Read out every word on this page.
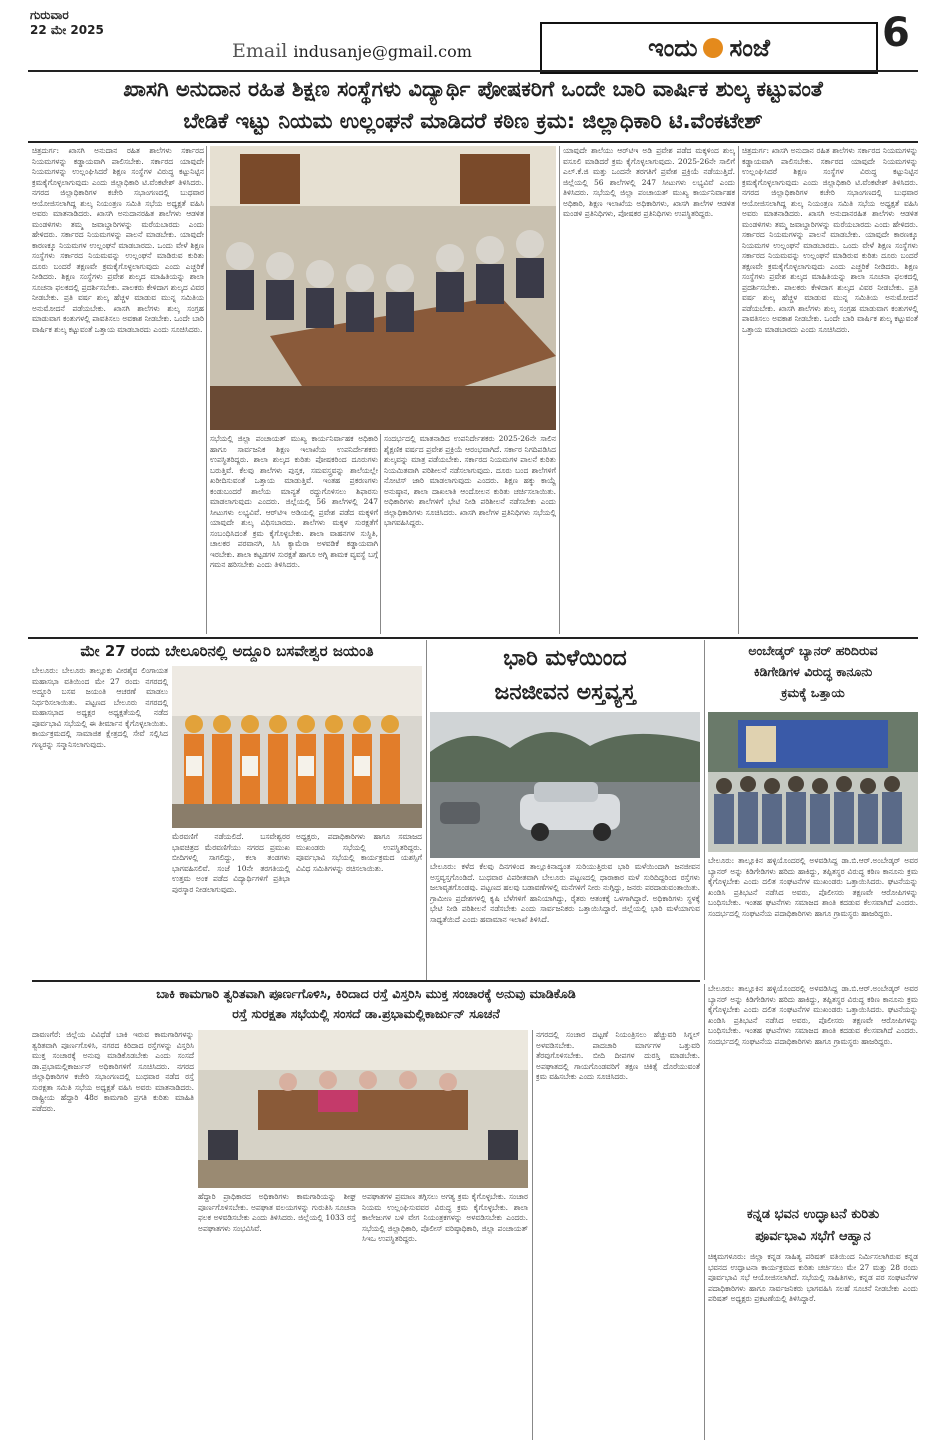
ಗುರುವಾರ
22 ಮೇ 2025
Email indusanje@gmail.com	ಇಂದು ಸಂಜೆ	6
ಖಾಸಗಿ ಅನುದಾನ ರಹಿತ ಶಿಕ್ಷಣ ಸಂಸ್ಥೆಗಳು ವಿದ್ಯಾರ್ಥಿ ಪೋಷಕರಿಗೆ ಒಂದೇ ಬಾರಿ ವಾರ್ಷಿಕ ಶುಲ್ಕ ಕಟ್ಟುವಂತೆ
ಬೇಡಿಕೆ ಇಟ್ಟು ನಿಯಮ ಉಲ್ಲಂಘನೆ ಮಾಡಿದರೆ ಕಠಿಣ ಕ್ರಮ: ಜಿಲ್ಲಾಧಿಕಾರಿ ಟಿ.ವೆಂಕಟೇಶ್
ಚಿತ್ರದುರ್ಗ: ಖಾಸಗಿ ಅನುದಾನ ರಹಿತ ಶಾಲೆಗಳು ಸರ್ಕಾರದ ನಿಯಮಗಳನ್ನು ಕಡ್ಡಾಯವಾಗಿ ಪಾಲಿಸಬೇಕು. ಸರ್ಕಾರದ ಯಾವುದೇ ನಿಯಮಗಳನ್ನು ಉಲ್ಲಂಘಿಸಿದರೆ ಶಿಕ್ಷಣ ಸಂಸ್ಥೆಗಳ ವಿರುದ್ಧ ಕಟ್ಟುನಿಟ್ಟಿನ ಕ್ರಮಕೈಗೊಳ್ಳಲಾಗುವುದು ಎಂದು ಜಿಲ್ಲಾಧಿಕಾರಿ ಟಿ.ವೆಂಕಟೇಶ್ ತಿಳಿಸಿದರು. ನಗರದ ಜಿಲ್ಲಾಧಿಕಾರಿಗಳ ಕಚೇರಿ ಸಭಾಂಗಣದಲ್ಲಿ ಬುಧವಾರ ಆಯೋಜಿಸಲಾಗಿದ್ದ ಶುಲ್ಕ ನಿಯಂತ್ರಣ ಸಮಿತಿ ಸಭೆಯ ಅಧ್ಯಕ್ಷತೆ ವಹಿಸಿ ಅವರು ಮಾತನಾಡಿದರು. ಖಾಸಗಿ ಅನುದಾನರಹಿತ ಶಾಲೆಗಳು ಆಡಳಿತ ಮಂಡಳಿಗಳು ತಮ್ಮ ಜವಾಬ್ದಾರಿಗಳನ್ನು ಮರೆಯಬಾರದು ಎಂದು ಹೇಳಿದರು. ಸರ್ಕಾರದ ನಿಯಮಗಳನ್ನು ಪಾಲನೆ ಮಾಡಬೇಕು. ಯಾವುದೇ ಕಾರಣಕ್ಕೂ ನಿಯಮಗಳ ಉಲ್ಲಂಘನೆ ಮಾಡಬಾರದು. ಒಂದು ವೇಳೆ ಶಿಕ್ಷಣ ಸಂಸ್ಥೆಗಳು ಸರ್ಕಾರದ ನಿಯಮವನ್ನು ಉಲ್ಲಂಘನೆ ಮಾಡಿರುವ ಕುರಿತು ದೂರು ಬಂದರೆ ತಕ್ಷಣವೇ ಕ್ರಮಕೈಗೊಳ್ಳಲಾಗುವುದು ಎಂದು ಎಚ್ಚರಿಕೆ ನೀಡಿದರು. ಶಿಕ್ಷಣ ಸಂಸ್ಥೆಗಳು ಪ್ರವೇಶ ಶುಲ್ಕದ ಮಾಹಿತಿಯನ್ನು ಶಾಲಾ ಸೂಚನಾ ಫಲಕದಲ್ಲಿ ಪ್ರದರ್ಶಿಸಬೇಕು. ಪಾಲಕರು ಕೇಳಿದಾಗ ಶುಲ್ಕದ ವಿವರ ನೀಡಬೇಕು. ಪ್ರತಿ ವರ್ಷ ಶುಲ್ಕ ಹೆಚ್ಚಳ ಮಾಡುವ ಮುನ್ನ ಸಮಿತಿಯ ಅನುಮೋದನೆ ಪಡೆಯಬೇಕು. ಖಾಸಗಿ ಶಾಲೆಗಳು ಶುಲ್ಕ ಸಂಗ್ರಹ ಮಾಡುವಾಗ ಕಂತುಗಳಲ್ಲಿ ಪಾವತಿಸಲು ಅವಕಾಶ ನೀಡಬೇಕು. ಒಂದೇ ಬಾರಿ ವಾರ್ಷಿಕ ಶುಲ್ಕ ಕಟ್ಟುವಂತೆ ಒತ್ತಾಯ ಮಾಡಬಾರದು ಎಂದು ಸೂಚಿಸಿದರು.
ಸಭೆಯಲ್ಲಿ ಜಿಲ್ಲಾ ಪಂಚಾಯತ್ ಮುಖ್ಯ ಕಾರ್ಯನಿರ್ವಾಹಕ ಅಧಿಕಾರಿ ಹಾಗೂ ಸಾರ್ವಜನಿಕ ಶಿಕ್ಷಣ ಇಲಾಖೆಯ ಉಪನಿರ್ದೇಶಕರು ಉಪಸ್ಥಿತರಿದ್ದರು. ಶಾಲಾ ಶುಲ್ಕದ ಕುರಿತು ಪೋಷಕರಿಂದ ದೂರುಗಳು ಬರುತ್ತಿವೆ. ಕೆಲವು ಶಾಲೆಗಳು ಪುಸ್ತಕ, ಸಮವಸ್ತ್ರವನ್ನು ಶಾಲೆಯಲ್ಲೇ ಖರೀದಿಸುವಂತೆ ಒತ್ತಾಯ ಮಾಡುತ್ತಿವೆ. ಇಂತಹ ಪ್ರಕರಣಗಳು ಕಂಡುಬಂದರೆ ಶಾಲೆಯ ಮಾನ್ಯತೆ ರದ್ದುಗೊಳಿಸಲು ಶಿಫಾರಸು ಮಾಡಲಾಗುವುದು ಎಂದರು. ಜಿಲ್ಲೆಯಲ್ಲಿ 56 ಶಾಲೆಗಳಲ್ಲಿ 247 ಸೀಟುಗಳು ಲಭ್ಯವಿವೆ. ಆರ್‌ಟಿಇ ಅಡಿಯಲ್ಲಿ ಪ್ರವೇಶ ಪಡೆದ ಮಕ್ಕಳಿಗೆ ಯಾವುದೇ ಶುಲ್ಕ ವಿಧಿಸಬಾರದು. ಶಾಲೆಗಳು ಮಕ್ಕಳ ಸುರಕ್ಷತೆಗೆ ಸಂಬಂಧಿಸಿದಂತೆ ಕ್ರಮ ಕೈಗೊಳ್ಳಬೇಕು. ಶಾಲಾ ವಾಹನಗಳ ಸುಸ್ಥಿತಿ, ಚಾಲಕರ ಪರವಾನಗಿ, ಸಿಸಿ ಕ್ಯಾಮೆರಾ ಅಳವಡಿಕೆ ಕಡ್ಡಾಯವಾಗಿ ಇರಬೇಕು. ಶಾಲಾ ಕಟ್ಟಡಗಳ ಸುರಕ್ಷತೆ ಹಾಗೂ ಅಗ್ನಿ ಶಾಮಕ ವ್ಯವಸ್ಥೆ ಬಗ್ಗೆ ಗಮನ ಹರಿಸಬೇಕು ಎಂದು ತಿಳಿಸಿದರು.
ಸಂದರ್ಭದಲ್ಲಿ ಮಾತನಾಡಿದ ಉಪನಿರ್ದೇಶಕರು 2025-26ನೇ ಸಾಲಿನ ಶೈಕ್ಷಣಿಕ ವರ್ಷದ ಪ್ರವೇಶ ಪ್ರಕ್ರಿಯೆ ಆರಂಭವಾಗಿದೆ. ಸರ್ಕಾರ ನಿಗದಿಪಡಿಸಿದ ಶುಲ್ಕವನ್ನು ಮಾತ್ರ ಪಡೆಯಬೇಕು. ಸರ್ಕಾರದ ನಿಯಮಗಳ ಪಾಲನೆ ಕುರಿತು ನಿಯಮಿತವಾಗಿ ಪರಿಶೀಲನೆ ನಡೆಸಲಾಗುವುದು. ದೂರು ಬಂದ ಶಾಲೆಗಳಿಗೆ ನೋಟಿಸ್ ಜಾರಿ ಮಾಡಲಾಗುವುದು ಎಂದರು. ಶಿಕ್ಷಣ ಹಕ್ಕು ಕಾಯ್ದೆ ಅನುಷ್ಠಾನ, ಶಾಲಾ ದಾಖಲಾತಿ ಆಂದೋಲನ ಕುರಿತು ಚರ್ಚಿಸಲಾಯಿತು. ಅಧಿಕಾರಿಗಳು ಶಾಲೆಗಳಿಗೆ ಭೇಟಿ ನೀಡಿ ಪರಿಶೀಲನೆ ನಡೆಸಬೇಕು ಎಂದು ಜಿಲ್ಲಾಧಿಕಾರಿಗಳು ಸೂಚಿಸಿದರು. ಖಾಸಗಿ ಶಾಲೆಗಳ ಪ್ರತಿನಿಧಿಗಳು ಸಭೆಯಲ್ಲಿ ಭಾಗವಹಿಸಿದ್ದರು.
ಯಾವುದೇ ಶಾಲೆಯು ಆರ್‌ಟಿಇ ಅಡಿ ಪ್ರವೇಶ ಪಡೆದ ಮಕ್ಕಳಿಂದ ಶುಲ್ಕ ವಸೂಲಿ ಮಾಡಿದರೆ ಕ್ರಮ ಕೈಗೊಳ್ಳಲಾಗುವುದು. 2025-26ನೇ ಸಾಲಿಗೆ ಎಲ್‌.ಕೆ.ಜಿ ಮತ್ತು ಒಂದನೇ ತರಗತಿಗೆ ಪ್ರವೇಶ ಪ್ರಕ್ರಿಯೆ ನಡೆಯುತ್ತಿದೆ. ಜಿಲ್ಲೆಯಲ್ಲಿ 56 ಶಾಲೆಗಳಲ್ಲಿ 247 ಸೀಟುಗಳು ಲಭ್ಯವಿವೆ ಎಂದು ತಿಳಿಸಿದರು. ಸಭೆಯಲ್ಲಿ ಜಿಲ್ಲಾ ಪಂಚಾಯತ್ ಮುಖ್ಯ ಕಾರ್ಯನಿರ್ವಾಹಕ ಅಧಿಕಾರಿ, ಶಿಕ್ಷಣ ಇಲಾಖೆಯ ಅಧಿಕಾರಿಗಳು, ಖಾಸಗಿ ಶಾಲೆಗಳ ಆಡಳಿತ ಮಂಡಳಿ ಪ್ರತಿನಿಧಿಗಳು, ಪೋಷಕರ ಪ್ರತಿನಿಧಿಗಳು ಉಪಸ್ಥಿತರಿದ್ದರು.
ಚಿತ್ರದುರ್ಗ: ಖಾಸಗಿ ಅನುದಾನ ರಹಿತ ಶಾಲೆಗಳು ಸರ್ಕಾರದ ನಿಯಮಗಳನ್ನು ಕಡ್ಡಾಯವಾಗಿ ಪಾಲಿಸಬೇಕು. ಸರ್ಕಾರದ ಯಾವುದೇ ನಿಯಮಗಳನ್ನು ಉಲ್ಲಂಘಿಸಿದರೆ ಶಿಕ್ಷಣ ಸಂಸ್ಥೆಗಳ ವಿರುದ್ಧ ಕಟ್ಟುನಿಟ್ಟಿನ ಕ್ರಮಕೈಗೊಳ್ಳಲಾಗುವುದು ಎಂದು ಜಿಲ್ಲಾಧಿಕಾರಿ ಟಿ.ವೆಂಕಟೇಶ್ ತಿಳಿಸಿದರು. ನಗರದ ಜಿಲ್ಲಾಧಿಕಾರಿಗಳ ಕಚೇರಿ ಸಭಾಂಗಣದಲ್ಲಿ ಬುಧವಾರ ಆಯೋಜಿಸಲಾಗಿದ್ದ ಶುಲ್ಕ ನಿಯಂತ್ರಣ ಸಮಿತಿ ಸಭೆಯ ಅಧ್ಯಕ್ಷತೆ ವಹಿಸಿ ಅವರು ಮಾತನಾಡಿದರು. ಖಾಸಗಿ ಅನುದಾನರಹಿತ ಶಾಲೆಗಳು ಆಡಳಿತ ಮಂಡಳಿಗಳು ತಮ್ಮ ಜವಾಬ್ದಾರಿಗಳನ್ನು ಮರೆಯಬಾರದು ಎಂದು ಹೇಳಿದರು. ಸರ್ಕಾರದ ನಿಯಮಗಳನ್ನು ಪಾಲನೆ ಮಾಡಬೇಕು. ಯಾವುದೇ ಕಾರಣಕ್ಕೂ ನಿಯಮಗಳ ಉಲ್ಲಂಘನೆ ಮಾಡಬಾರದು. ಒಂದು ವೇಳೆ ಶಿಕ್ಷಣ ಸಂಸ್ಥೆಗಳು ಸರ್ಕಾರದ ನಿಯಮವನ್ನು ಉಲ್ಲಂಘನೆ ಮಾಡಿರುವ ಕುರಿತು ದೂರು ಬಂದರೆ ತಕ್ಷಣವೇ ಕ್ರಮಕೈಗೊಳ್ಳಲಾಗುವುದು ಎಂದು ಎಚ್ಚರಿಕೆ ನೀಡಿದರು. ಶಿಕ್ಷಣ ಸಂಸ್ಥೆಗಳು ಪ್ರವೇಶ ಶುಲ್ಕದ ಮಾಹಿತಿಯನ್ನು ಶಾಲಾ ಸೂಚನಾ ಫಲಕದಲ್ಲಿ ಪ್ರದರ್ಶಿಸಬೇಕು. ಪಾಲಕರು ಕೇಳಿದಾಗ ಶುಲ್ಕದ ವಿವರ ನೀಡಬೇಕು. ಪ್ರತಿ ವರ್ಷ ಶುಲ್ಕ ಹೆಚ್ಚಳ ಮಾಡುವ ಮುನ್ನ ಸಮಿತಿಯ ಅನುಮೋದನೆ ಪಡೆಯಬೇಕು. ಖಾಸಗಿ ಶಾಲೆಗಳು ಶುಲ್ಕ ಸಂಗ್ರಹ ಮಾಡುವಾಗ ಕಂತುಗಳಲ್ಲಿ ಪಾವತಿಸಲು ಅವಕಾಶ ನೀಡಬೇಕು. ಒಂದೇ ಬಾರಿ ವಾರ್ಷಿಕ ಶುಲ್ಕ ಕಟ್ಟುವಂತೆ ಒತ್ತಾಯ ಮಾಡಬಾರದು ಎಂದು ಸೂಚಿಸಿದರು.
ಮೇ 27 ರಂದು ಬೇಲೂರಿನಲ್ಲಿ ಅದ್ದೂರಿ ಬಸವೇಶ್ವರ ಜಯಂತಿ
ಬೇಲೂರು: ಬೇಲೂರು ತಾಲ್ಲೂಕು ವೀರಶೈವ ಲಿಂಗಾಯತ ಮಹಾಸಭಾ ವತಿಯಿಂದ ಮೇ 27 ರಂದು ನಗರದಲ್ಲಿ ಅದ್ದೂರಿ ಬಸವ ಜಯಂತಿ ಆಚರಣೆ ಮಾಡಲು ನಿರ್ಧರಿಸಲಾಯಿತು. ಪಟ್ಟಣದ ಬೇಲೂರು ನಗರದಲ್ಲಿ ಮಹಾಸಭಾದ ಅಧ್ಯಕ್ಷರ ಅಧ್ಯಕ್ಷತೆಯಲ್ಲಿ ನಡೆದ ಪೂರ್ವಭಾವಿ ಸಭೆಯಲ್ಲಿ ಈ ತೀರ್ಮಾನ ಕೈಗೊಳ್ಳಲಾಯಿತು. ಕಾರ್ಯಕ್ರಮದಲ್ಲಿ ಸಾಮಾಜಿಕ ಕ್ಷೇತ್ರದಲ್ಲಿ ಸೇವೆ ಸಲ್ಲಿಸಿದ ಗಣ್ಯರನ್ನು ಸನ್ಮಾನಿಸಲಾಗುವುದು.
ಮೆರವಣಿಗೆ ನಡೆಯಲಿದೆ. ಬಸವೇಶ್ವರರ ಭಾವಚಿತ್ರದ ಮೆರವಣಿಗೆಯು ನಗರದ ಪ್ರಮುಖ ಬೀದಿಗಳಲ್ಲಿ ಸಾಗಲಿದ್ದು, ಕಲಾ ತಂಡಗಳು ಭಾಗವಹಿಸಲಿವೆ. ಸಂಜೆ 10ನೇ ತರಗತಿಯಲ್ಲಿ ಉತ್ತಮ ಅಂಕ ಪಡೆದ ವಿದ್ಯಾರ್ಥಿಗಳಿಗೆ ಪ್ರತಿಭಾ ಪುರಸ್ಕಾರ ನೀಡಲಾಗುವುದು.
ಅಧ್ಯಕ್ಷರು, ಪದಾಧಿಕಾರಿಗಳು ಹಾಗೂ ಸಮಾಜದ ಮುಖಂಡರು ಸಭೆಯಲ್ಲಿ ಉಪಸ್ಥಿತರಿದ್ದರು. ಪೂರ್ವಭಾವಿ ಸಭೆಯಲ್ಲಿ ಕಾರ್ಯಕ್ರಮದ ಯಶಸ್ಸಿಗೆ ವಿವಿಧ ಸಮಿತಿಗಳನ್ನು ರಚಿಸಲಾಯಿತು.
ಭಾರಿ ಮಳೆಯಿಂದ
ಜನಜೀವನ ಅಸ್ತವ್ಯಸ್ತ
ಬೇಲೂರು: ಕಳೆದ ಕೆಲವು ದಿನಗಳಿಂದ ತಾಲ್ಲೂಕಿನಾದ್ಯಂತ ಸುರಿಯುತ್ತಿರುವ ಭಾರಿ ಮಳೆಯಿಂದಾಗಿ ಜನಜೀವನ ಅಸ್ತವ್ಯಸ್ತಗೊಂಡಿದೆ. ಬುಧವಾರ ವಿಪರೀತವಾಗಿ ಬೇಲೂರು ಪಟ್ಟಣದಲ್ಲಿ ಧಾರಾಕಾರ ಮಳೆ ಸುರಿದಿದ್ದರಿಂದ ರಸ್ತೆಗಳು ಜಲಾವೃತಗೊಂಡವು. ಪಟ್ಟಣದ ಹಲವು ಬಡಾವಣೆಗಳಲ್ಲಿ ಮನೆಗಳಿಗೆ ನೀರು ನುಗ್ಗಿದ್ದು, ಜನರು ಪರದಾಡುವಂತಾಯಿತು. ಗ್ರಾಮೀಣ ಪ್ರದೇಶಗಳಲ್ಲಿ ಕೃಷಿ ಬೆಳೆಗಳಿಗೆ ಹಾನಿಯಾಗಿದ್ದು, ರೈತರು ಆತಂಕಕ್ಕೆ ಒಳಗಾಗಿದ್ದಾರೆ. ಅಧಿಕಾರಿಗಳು ಸ್ಥಳಕ್ಕೆ ಭೇಟಿ ನೀಡಿ ಪರಿಶೀಲನೆ ನಡೆಸಬೇಕು ಎಂದು ಸಾರ್ವಜನಿಕರು ಒತ್ತಾಯಿಸಿದ್ದಾರೆ. ಜಿಲ್ಲೆಯಲ್ಲಿ ಭಾರಿ ಮಳೆಯಾಗುವ ಸಾಧ್ಯತೆಯಿದೆ ಎಂದು ಹವಾಮಾನ ಇಲಾಖೆ ತಿಳಿಸಿದೆ.
ಅಂಬೇಡ್ಕರ್ ಬ್ಯಾನರ್ ಹರಿದಿರುವ
ಕಿಡಿಗೇಡಿಗಳ ವಿರುದ್ಧ ಕಾನೂನು
ಕ್ರಮಕ್ಕೆ ಒತ್ತಾಯ
ಬೇಲೂರು: ತಾಲ್ಲೂಕಿನ ಹಳ್ಳಿಯೊಂದರಲ್ಲಿ ಅಳವಡಿಸಿದ್ದ ಡಾ.ಬಿ.ಆರ್.ಅಂಬೇಡ್ಕರ್ ಅವರ ಬ್ಯಾನರ್ ಅನ್ನು ಕಿಡಿಗೇಡಿಗಳು ಹರಿದು ಹಾಕಿದ್ದು, ತಪ್ಪಿತಸ್ಥರ ವಿರುದ್ಧ ಕಠಿಣ ಕಾನೂನು ಕ್ರಮ ಕೈಗೊಳ್ಳಬೇಕು ಎಂದು ದಲಿತ ಸಂಘಟನೆಗಳ ಮುಖಂಡರು ಒತ್ತಾಯಿಸಿದರು. ಘಟನೆಯನ್ನು ಖಂಡಿಸಿ ಪ್ರತಿಭಟನೆ ನಡೆಸಿದ ಅವರು, ಪೊಲೀಸರು ತಕ್ಷಣವೇ ಆರೋಪಿಗಳನ್ನು ಬಂಧಿಸಬೇಕು. ಇಂತಹ ಘಟನೆಗಳು ಸಮಾಜದ ಶಾಂತಿ ಕದಡುವ ಕೆಲಸವಾಗಿದೆ ಎಂದರು. ಸಂದರ್ಭದಲ್ಲಿ ಸಂಘಟನೆಯ ಪದಾಧಿಕಾರಿಗಳು ಹಾಗೂ ಗ್ರಾಮಸ್ಥರು ಹಾಜರಿದ್ದರು.
ಬಾಕಿ ಕಾಮಗಾರಿ ತ್ವರಿತವಾಗಿ ಪೂರ್ಣಗೊಳಿಸಿ, ಕಿರಿದಾದ ರಸ್ತೆ ವಿಸ್ತರಿಸಿ ಮುಕ್ತ ಸಂಚಾರಕ್ಕೆ ಅನುವು ಮಾಡಿಕೊಡಿ
ರಸ್ತೆ ಸುರಕ್ಷತಾ ಸಭೆಯಲ್ಲಿ ಸಂಸದೆ ಡಾ.ಪ್ರಭಾಮಲ್ಲಿಕಾರ್ಜುನ್ ಸೂಚನೆ
ದಾವಣಗೆರೆ: ಜಿಲ್ಲೆಯ ವಿವಿಧೆಡೆ ಬಾಕಿ ಇರುವ ಕಾಮಗಾರಿಗಳನ್ನು ತ್ವರಿತವಾಗಿ ಪೂರ್ಣಗೊಳಿಸಿ, ನಗರದ ಕಿರಿದಾದ ರಸ್ತೆಗಳನ್ನು ವಿಸ್ತರಿಸಿ ಮುಕ್ತ ಸಂಚಾರಕ್ಕೆ ಅನುವು ಮಾಡಿಕೊಡಬೇಕು ಎಂದು ಸಂಸದೆ ಡಾ.ಪ್ರಭಾಮಲ್ಲಿಕಾರ್ಜುನ್ ಅಧಿಕಾರಿಗಳಿಗೆ ಸೂಚಿಸಿದರು. ನಗರದ ಜಿಲ್ಲಾಧಿಕಾರಿಗಳ ಕಚೇರಿ ಸಭಾಂಗಣದಲ್ಲಿ ಬುಧವಾರ ನಡೆದ ರಸ್ತೆ ಸುರಕ್ಷತಾ ಸಮಿತಿ ಸಭೆಯ ಅಧ್ಯಕ್ಷತೆ ವಹಿಸಿ ಅವರು ಮಾತನಾಡಿದರು. ರಾಷ್ಟ್ರೀಯ ಹೆದ್ದಾರಿ 48ರ ಕಾಮಗಾರಿ ಪ್ರಗತಿ ಕುರಿತು ಮಾಹಿತಿ ಪಡೆದರು.
ಹೆದ್ದಾರಿ ಪ್ರಾಧಿಕಾರದ ಅಧಿಕಾರಿಗಳು ಕಾಮಗಾರಿಯನ್ನು ಶೀಘ್ರ ಪೂರ್ಣಗೊಳಿಸಬೇಕು. ಅಪಘಾತ ವಲಯಗಳನ್ನು ಗುರುತಿಸಿ ಸೂಚನಾ ಫಲಕ ಅಳವಡಿಸಬೇಕು ಎಂದು ತಿಳಿಸಿದರು. ಜಿಲ್ಲೆಯಲ್ಲಿ 1033 ರಸ್ತೆ ಅಪಘಾತಗಳು ಸಂಭವಿಸಿವೆ.
ಅಪಘಾತಗಳ ಪ್ರಮಾಣ ತಗ್ಗಿಸಲು ಅಗತ್ಯ ಕ್ರಮ ಕೈಗೊಳ್ಳಬೇಕು. ಸಂಚಾರ ನಿಯಮ ಉಲ್ಲಂಘಿಸುವವರ ವಿರುದ್ಧ ಕ್ರಮ ಕೈಗೊಳ್ಳಬೇಕು. ಶಾಲಾ ಕಾಲೇಜುಗಳ ಬಳಿ ವೇಗ ನಿಯಂತ್ರಕಗಳನ್ನು ಅಳವಡಿಸಬೇಕು ಎಂದರು. ಸಭೆಯಲ್ಲಿ ಜಿಲ್ಲಾಧಿಕಾರಿ, ಪೊಲೀಸ್ ವರಿಷ್ಠಾಧಿಕಾರಿ, ಜಿಲ್ಲಾ ಪಂಚಾಯತ್ ಸಿಇಒ ಉಪಸ್ಥಿತರಿದ್ದರು.
ನಗರದಲ್ಲಿ ಸಂಚಾರ ದಟ್ಟಣೆ ನಿಯಂತ್ರಿಸಲು ಹೆಚ್ಚುವರಿ ಸಿಗ್ನಲ್ ಅಳವಡಿಸಬೇಕು. ಪಾದಚಾರಿ ಮಾರ್ಗಗಳ ಒತ್ತುವರಿ ತೆರವುಗೊಳಿಸಬೇಕು. ಬೀದಿ ದೀಪಗಳ ದುರಸ್ತಿ ಮಾಡಬೇಕು. ಅಪಘಾತದಲ್ಲಿ ಗಾಯಗೊಂಡವರಿಗೆ ತಕ್ಷಣ ಚಿಕಿತ್ಸೆ ದೊರೆಯುವಂತೆ ಕ್ರಮ ವಹಿಸಬೇಕು ಎಂದು ಸೂಚಿಸಿದರು.
ಬೇಲೂರು: ತಾಲ್ಲೂಕಿನ ಹಳ್ಳಿಯೊಂದರಲ್ಲಿ ಅಳವಡಿಸಿದ್ದ ಡಾ.ಬಿ.ಆರ್.ಅಂಬೇಡ್ಕರ್ ಅವರ ಬ್ಯಾನರ್ ಅನ್ನು ಕಿಡಿಗೇಡಿಗಳು ಹರಿದು ಹಾಕಿದ್ದು, ತಪ್ಪಿತಸ್ಥರ ವಿರುದ್ಧ ಕಠಿಣ ಕಾನೂನು ಕ್ರಮ ಕೈಗೊಳ್ಳಬೇಕು ಎಂದು ದಲಿತ ಸಂಘಟನೆಗಳ ಮುಖಂಡರು ಒತ್ತಾಯಿಸಿದರು. ಘಟನೆಯನ್ನು ಖಂಡಿಸಿ ಪ್ರತಿಭಟನೆ ನಡೆಸಿದ ಅವರು, ಪೊಲೀಸರು ತಕ್ಷಣವೇ ಆರೋಪಿಗಳನ್ನು ಬಂಧಿಸಬೇಕು. ಇಂತಹ ಘಟನೆಗಳು ಸಮಾಜದ ಶಾಂತಿ ಕದಡುವ ಕೆಲಸವಾಗಿದೆ ಎಂದರು. ಸಂದರ್ಭದಲ್ಲಿ ಸಂಘಟನೆಯ ಪದಾಧಿಕಾರಿಗಳು ಹಾಗೂ ಗ್ರಾಮಸ್ಥರು ಹಾಜರಿದ್ದರು.
ಕನ್ನಡ ಭವನ ಉದ್ಘಾಟನೆ ಕುರಿತು
ಪೂರ್ವಭಾವಿ ಸಭೆಗೆ ಆಹ್ವಾನ
ಚಿಕ್ಕಮಗಳೂರು: ಜಿಲ್ಲಾ ಕನ್ನಡ ಸಾಹಿತ್ಯ ಪರಿಷತ್ ವತಿಯಿಂದ ನಿರ್ಮಿಸಲಾಗಿರುವ ಕನ್ನಡ ಭವನದ ಉದ್ಘಾಟನಾ ಕಾರ್ಯಕ್ರಮದ ಕುರಿತು ಚರ್ಚಿಸಲು ಮೇ 27 ಮತ್ತು 28 ರಂದು ಪೂರ್ವಭಾವಿ ಸಭೆ ಆಯೋಜಿಸಲಾಗಿದೆ. ಸಭೆಯಲ್ಲಿ ಸಾಹಿತಿಗಳು, ಕನ್ನಡ ಪರ ಸಂಘಟನೆಗಳ ಪದಾಧಿಕಾರಿಗಳು ಹಾಗೂ ಸಾರ್ವಜನಿಕರು ಭಾಗವಹಿಸಿ ಸಲಹೆ ಸೂಚನೆ ನೀಡಬೇಕು ಎಂದು ಪರಿಷತ್ ಅಧ್ಯಕ್ಷರು ಪ್ರಕಟಣೆಯಲ್ಲಿ ತಿಳಿಸಿದ್ದಾರೆ.
